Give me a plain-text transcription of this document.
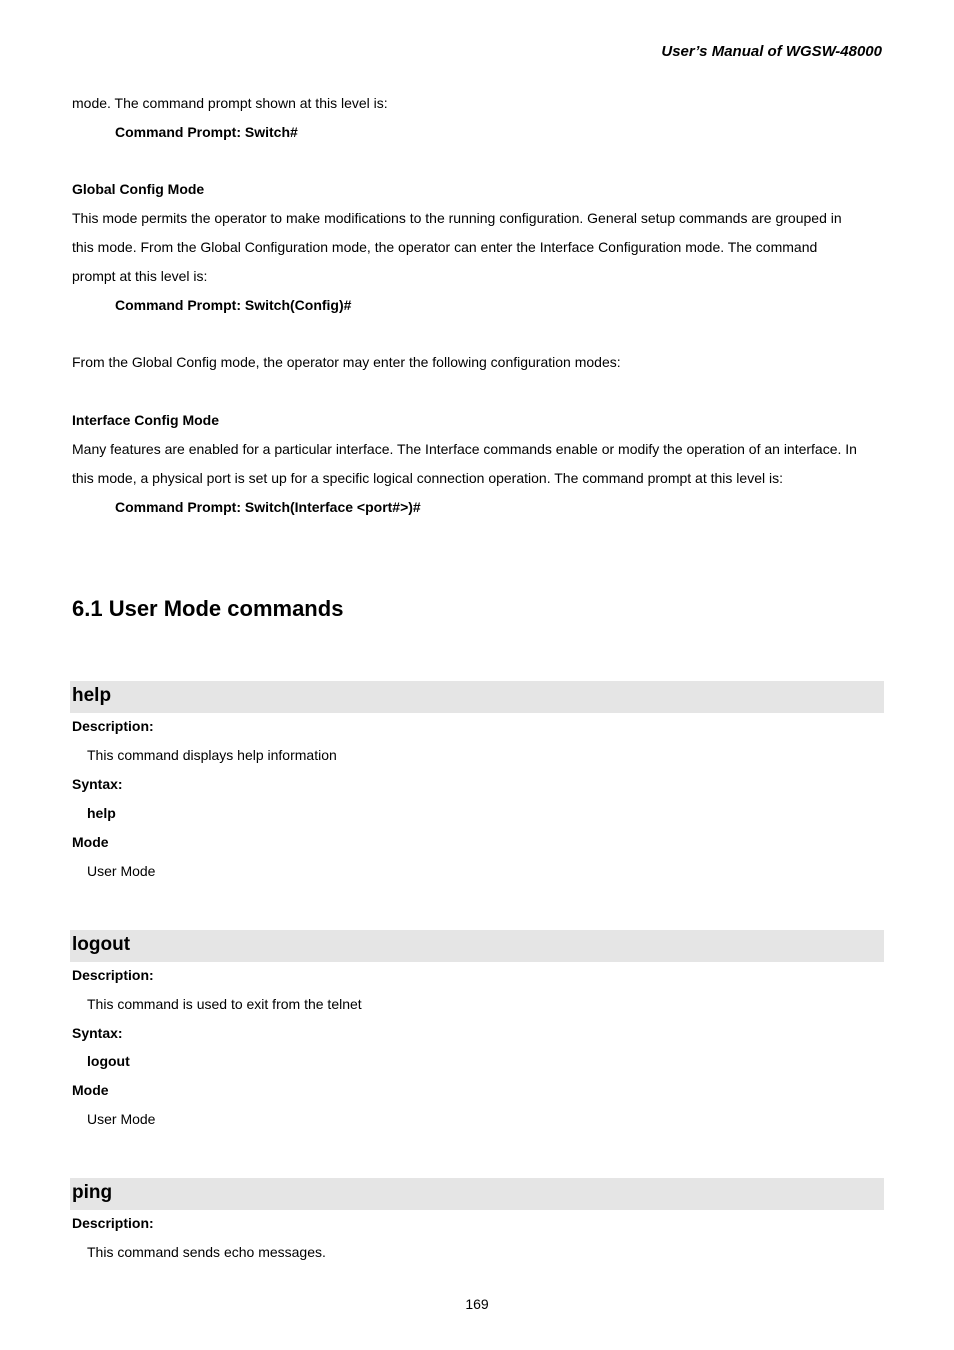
User’s Manual of WGSW-48000
mode. The command prompt shown at this level is:
Command Prompt: Switch#
Global Config Mode
This mode permits the operator to make modifications to the running configuration. General setup commands are grouped in
this mode. From the Global Configuration mode, the operator can enter the Interface Configuration mode. The command
prompt at this level is:
Command Prompt: Switch(Config)#
From the Global Config mode, the operator may enter the following configuration modes:
Interface Config Mode
Many features are enabled for a particular interface. The Interface commands enable or modify the operation of an interface. In
this mode, a physical port is set up for a specific logical connection operation. The command prompt at this level is:
Command Prompt: Switch(Interface <port#>)#
6.1 User Mode commands
help
Description:
This command displays help information
Syntax:
help
Mode
User Mode
logout
Description:
This command is used to exit from the telnet
Syntax:
logout
Mode
User Mode
ping
Description:
This command sends echo messages.
169
